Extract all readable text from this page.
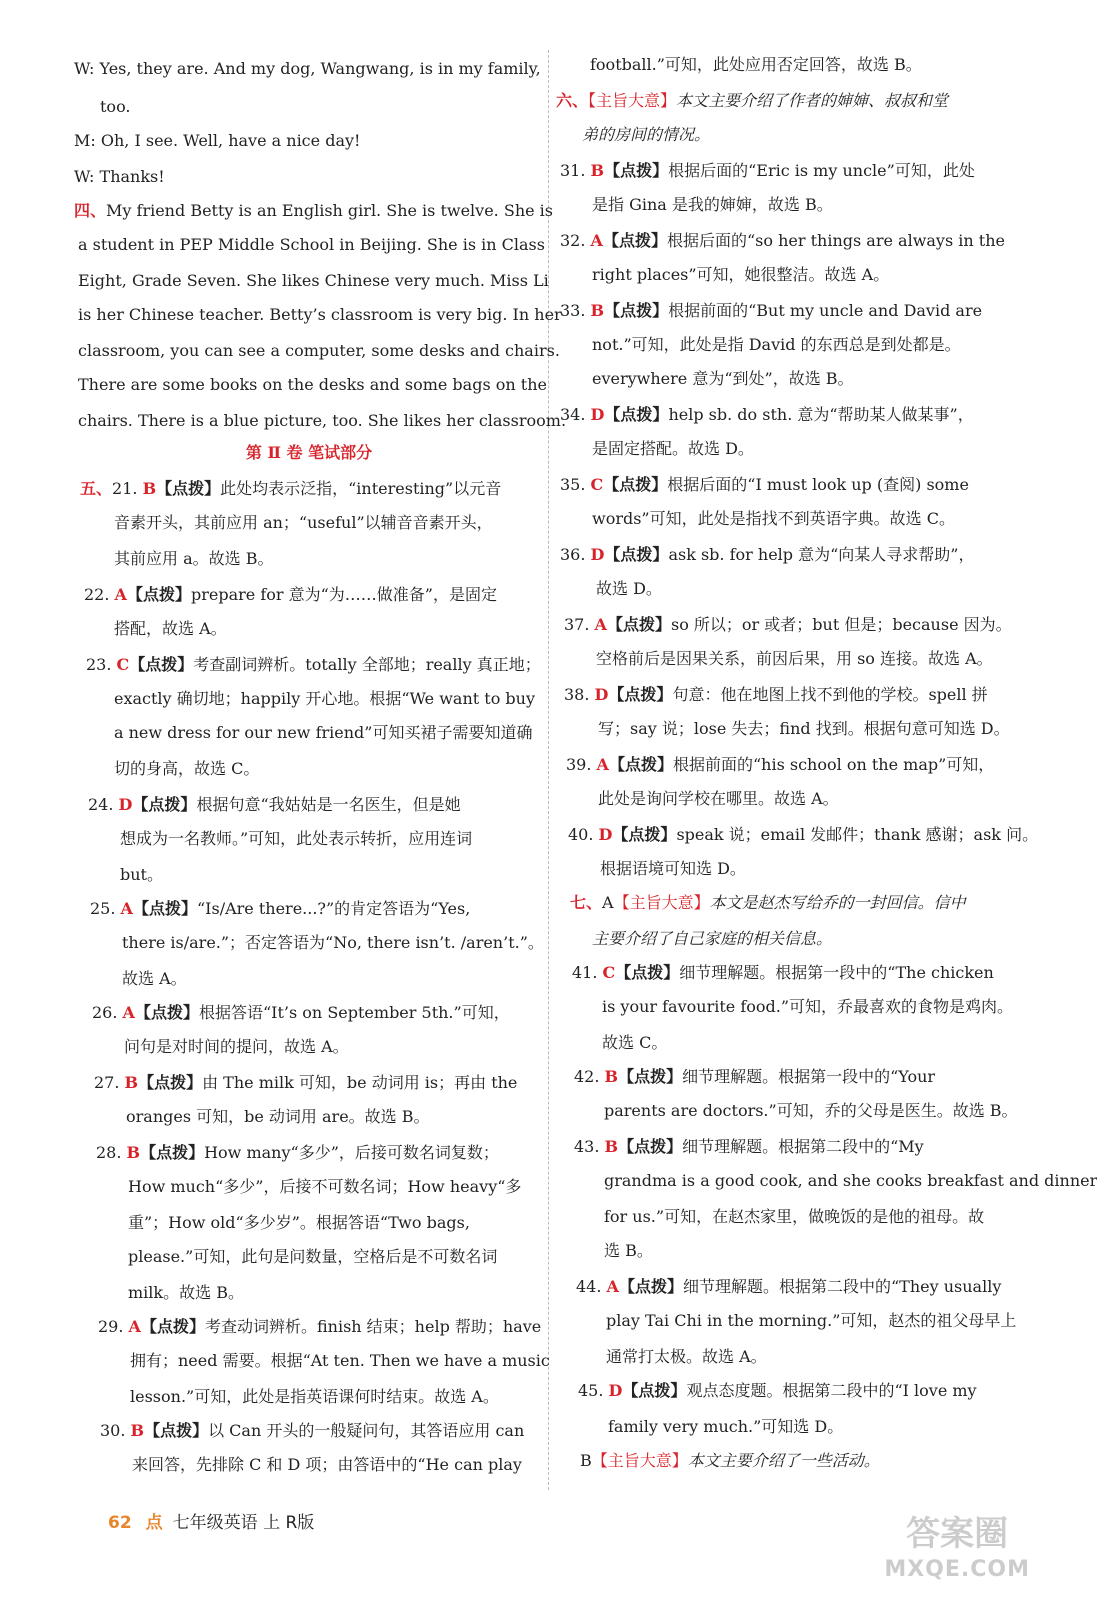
W: Yes, they are. And my dog, Wangwang, is in my family,
too.
M: Oh, I see. Well, have a nice day!
W: Thanks!
四、My friend Betty is an English girl. She is twelve. She is
a student in PEP Middle School in Beijing. She is in Class
Eight, Grade Seven. She likes Chinese very much. Miss Li
is her Chinese teacher. Betty’s classroom is very big. In her
classroom, you can see a computer, some desks and chairs.
There are some books on the desks and some bags on the
chairs. There is a blue picture, too. She likes her classroom.
第 Ⅱ 卷 笔试部分
五、21. B【点拨】此处均表示泛指，“interesting”以元音
音素开头，其前应用 an；“useful”以辅音音素开头，
其前应用 a。故选 B。
22. A【点拨】prepare for 意为“为……做准备”，是固定
搭配，故选 A。
23. C【点拨】考查副词辨析。totally 全部地；really 真正地；
exactly 确切地；happily 开心地。根据“We want to buy
a new dress for our new friend”可知买裙子需要知道确
切的身高，故选 C。
24. D【点拨】根据句意“我姑姑是一名医生，但是她
想成为一名教师。”可知，此处表示转折，应用连词
but。
25. A【点拨】“Is/Are there...?”的肯定答语为“Yes,
there is/are.”；否定答语为“No, there isn’t. /aren’t.”。
故选 A。
26. A【点拨】根据答语“It’s on September 5th.”可知，
问句是对时间的提问，故选 A。
27. B【点拨】由 The milk 可知，be 动词用 is；再由 the
oranges 可知，be 动词用 are。故选 B。
28. B【点拨】How many“多少”，后接可数名词复数；
How much“多少”，后接不可数名词；How heavy“多
重”；How old“多少岁”。根据答语“Two bags,
please.”可知，此句是问数量，空格后是不可数名词
milk。故选 B。
29. A【点拨】考查动词辨析。finish 结束；help 帮助；have
拥有；need 需要。根据“At ten. Then we have a music
lesson.”可知，此处是指英语课何时结束。故选 A。
30. B【点拨】以 Can 开头的一般疑问句，其答语应用 can
来回答，先排除 C 和 D 项；由答语中的“He can play
football.”可知，此处应用否定回答，故选 B。
六、【主旨大意】本文主要介绍了作者的婶婶、叔叔和堂
弟的房间的情况。
31. B【点拨】根据后面的“Eric is my uncle”可知，此处
是指 Gina 是我的婶婶，故选 B。
32. A【点拨】根据后面的“so her things are always in the
right places”可知，她很整洁。故选 A。
33. B【点拨】根据前面的“But my uncle and David are
not.”可知，此处是指 David 的东西总是到处都是。
everywhere 意为“到处”，故选 B。
34. D【点拨】help sb. do sth. 意为“帮助某人做某事”，
是固定搭配。故选 D。
35. C【点拨】根据后面的“I must look up (查阅) some
words”可知，此处是指找不到英语字典。故选 C。
36. D【点拨】ask sb. for help 意为“向某人寻求帮助”，
故选 D。
37. A【点拨】so 所以；or 或者；but 但是；because 因为。
空格前后是因果关系，前因后果，用 so 连接。故选 A。
38. D【点拨】句意：他在地图上找不到他的学校。spell 拼
写；say 说；lose 失去；find 找到。根据句意可知选 D。
39. A【点拨】根据前面的“his school on the map”可知，
此处是询问学校在哪里。故选 A。
40. D【点拨】speak 说；email 发邮件；thank 感谢；ask 问。
根据语境可知选 D。
七、A【主旨大意】本文是赵杰写给乔的一封回信。信中
主要介绍了自己家庭的相关信息。
41. C【点拨】细节理解题。根据第一段中的“The chicken
is your favourite food.”可知，乔最喜欢的食物是鸡肉。
故选 C。
42. B【点拨】细节理解题。根据第一段中的“Your
parents are doctors.”可知，乔的父母是医生。故选 B。
43. B【点拨】细节理解题。根据第二段中的“My
grandma is a good cook, and she cooks breakfast and dinner
for us.”可知，在赵杰家里，做晚饭的是他的祖母。故
选 B。
44. A【点拨】细节理解题。根据第二段中的“They usually
play Tai Chi in the morning.”可知，赵杰的祖父母早上
通常打太极。故选 A。
45. D【点拨】观点态度题。根据第二段中的“I love my
family very much.”可知选 D。
B【主旨大意】本文主要介绍了一些活动。
62 点 七年级英语 上 R版	答案圈
MXQE.COM
